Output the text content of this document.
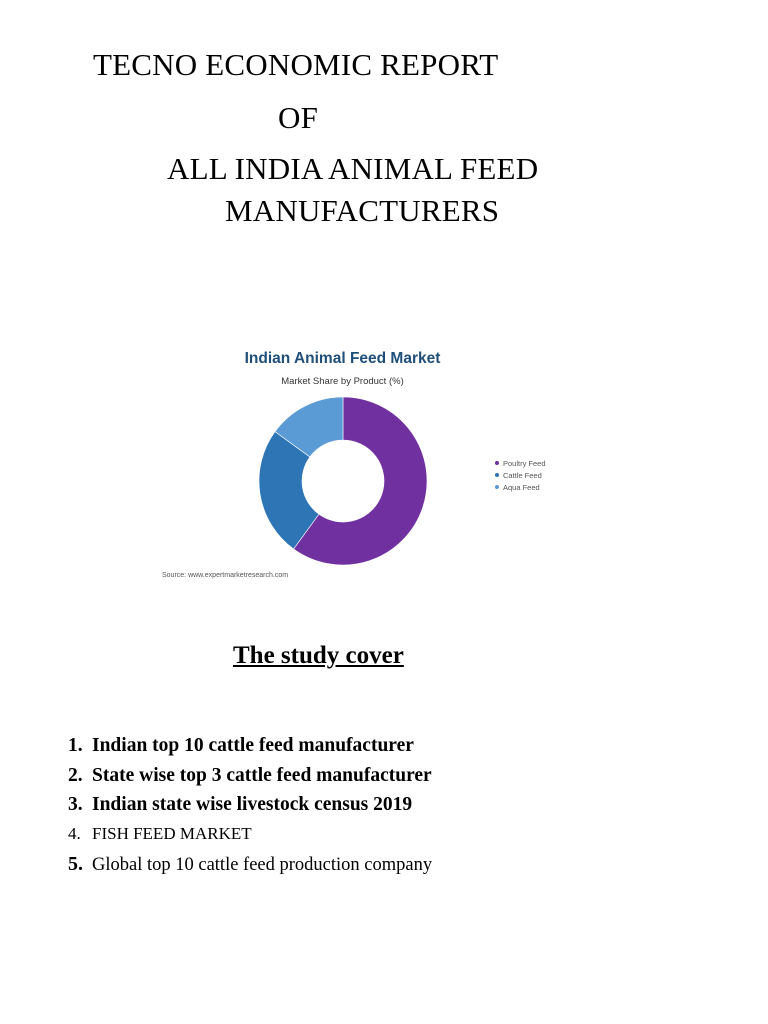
TECNO ECONOMIC REPORT
OF
ALL INDIA ANIMAL FEED
MANUFACTURERS
Indian Animal Feed Market
Market Share by Product (%)
Poultry Feed
Cattle Feed
Aqua Feed
Source: www.expertmarketresearch.com
The study cover
1. Indian top 10 cattle feed manufacturer
2. State wise top 3 cattle feed manufacturer
3. Indian state wise livestock census 2019
4. FISH FEED MARKET
5. Global top 10 cattle feed production company
